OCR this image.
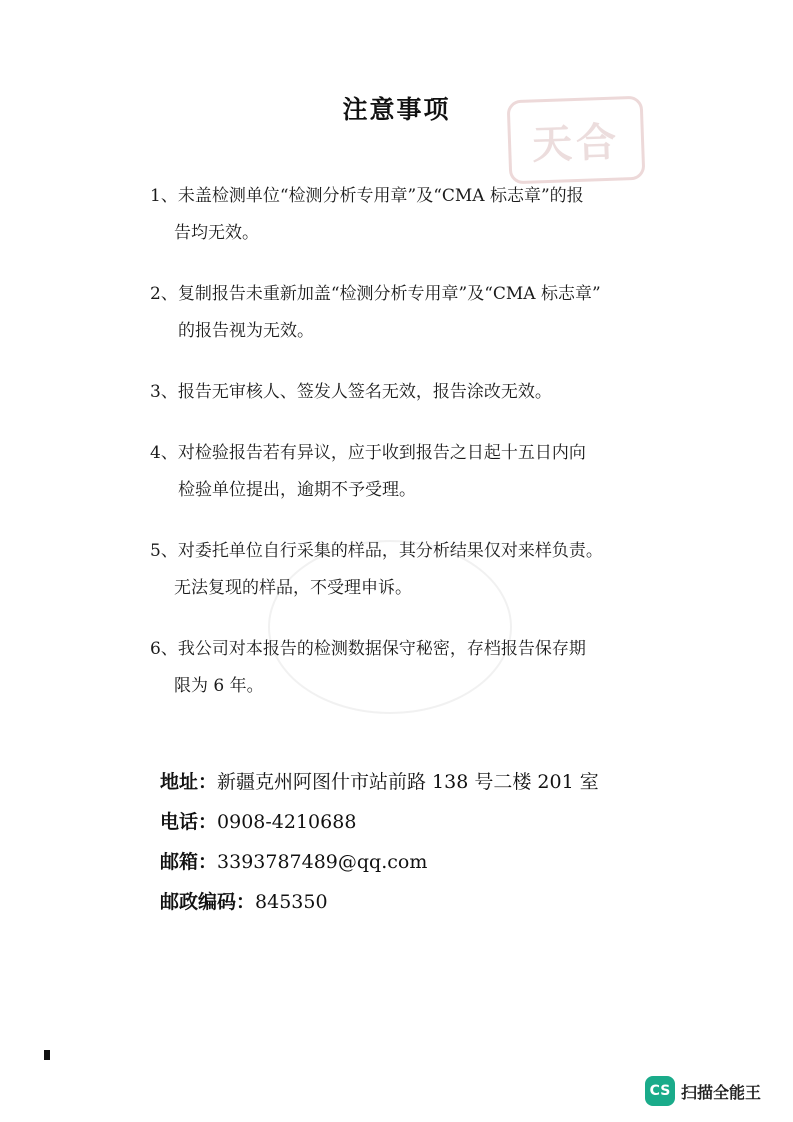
注意事项
天合
1、未盖检测单位“检测分析专用章”及“CMA 标志章”的报
告均无效。
2、复制报告未重新加盖“检测分析专用章”及“CMA 标志章”
的报告视为无效。
3、报告无审核人、签发人签名无效，报告涂改无效。
4、对检验报告若有异议，应于收到报告之日起十五日内向
检验单位提出，逾期不予受理。
5、对委托单位自行采集的样品，其分析结果仅对来样负责。
无法复现的样品，不受理申诉。
6、我公司对本报告的检测数据保守秘密，存档报告保存期
限为 6 年。
地址：新疆克州阿图什市站前路 138 号二楼 201 室
电话：0908-4210688
邮箱：3393787489@qq.com
邮政编码：845350
CS 扫描全能王
